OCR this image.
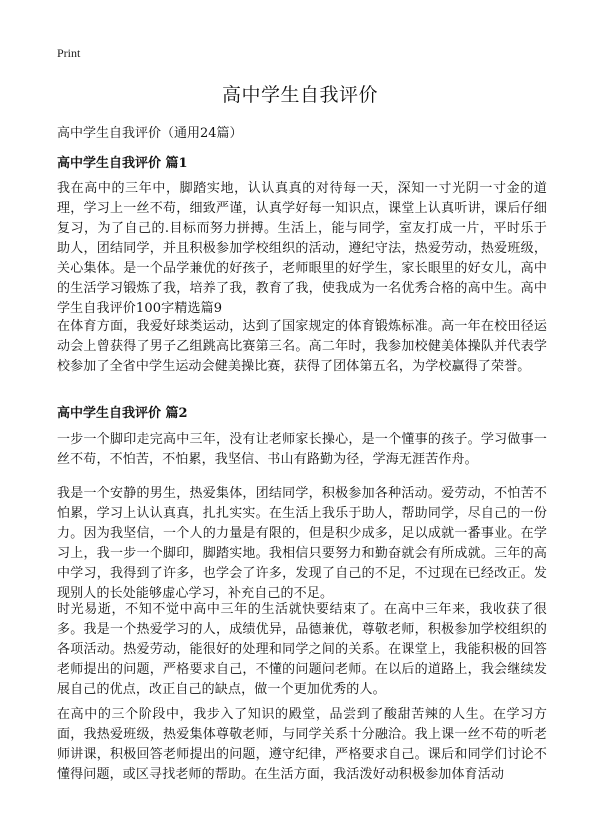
Print
高中学生自我评价

高中学生自我评价（通用24篇）

高中学生自我评价 篇1

我在高中的三年中，脚踏实地，认认真真的对待每一天，深知一寸光阴一寸金的道理，学习上一丝不苟，细致严谨，认真学好每一知识点，课堂上认真听讲，课后仔细复习，为了自己的.目标而努力拼搏。生活上，能与同学，室友打成一片，平时乐于助人，团结同学，并且积极参加学校组织的活动，遵纪守法，热爱劳动，热爱班级，关心集体。是一个品学兼优的好孩子，老师眼里的好学生，家长眼里的好女儿，高中的生活学习锻炼了我，培养了我，教育了我，使我成为一名优秀合格的高中生。高中学生自我评价100字精选篇9

在体育方面，我爱好球类运动，达到了国家规定的体育锻炼标准。高一年在校田径运动会上曾获得了男子乙组跳高比赛第三名。高二年时，我参加校健美体操队并代表学校参加了全省中学生运动会健美操比赛，获得了团体第五名，为学校赢得了荣誉。

高中学生自我评价 篇2

一步一个脚印走完高中三年，没有让老师家长操心，是一个懂事的孩子。学习做事一丝不苟，不怕苦，不怕累，我坚信、书山有路勤为径，学海无涯苦作舟。

我是一个安静的男生，热爱集体，团结同学，积极参加各种活动。爱劳动，不怕苦不怕累，学习上认认真真，扎扎实实。在生活上我乐于助人，帮助同学，尽自己的一份力。因为我坚信，一个人的力量是有限的，但是积少成多，足以成就一番事业。在学习上，我一步一个脚印，脚踏实地。我相信只要努力和勤奋就会有所成就。三年的高中学习，我得到了许多，也学会了许多，发现了自己的不足，不过现在已经改正。发现别人的长处能够虚心学习，补充自己的不足。

时光易逝，不知不觉中高中三年的生活就快要结束了。在高中三年来，我收获了很多。我是一个热爱学习的人，成绩优异，品德兼优，尊敬老师，积极参加学校组织的各项活动。热爱劳动，能很好的处理和同学之间的关系。在课堂上，我能积极的回答老师提出的问题，严格要求自己，不懂的问题问老师。在以后的道路上，我会继续发展自己的优点，改正自己的缺点，做一个更加优秀的人。

在高中的三个阶段中，我步入了知识的殿堂，品尝到了酸甜苦辣的人生。在学习方面，我热爱班级，热爱集体尊敬老师，与同学关系十分融洽。我上课一丝不苟的听老师讲课，积极回答老师提出的问题，遵守纪律，严格要求自己。课后和同学们讨论不懂得问题，或区寻找老师的帮助。在生活方面，我活泼好动积极参加体育活动
